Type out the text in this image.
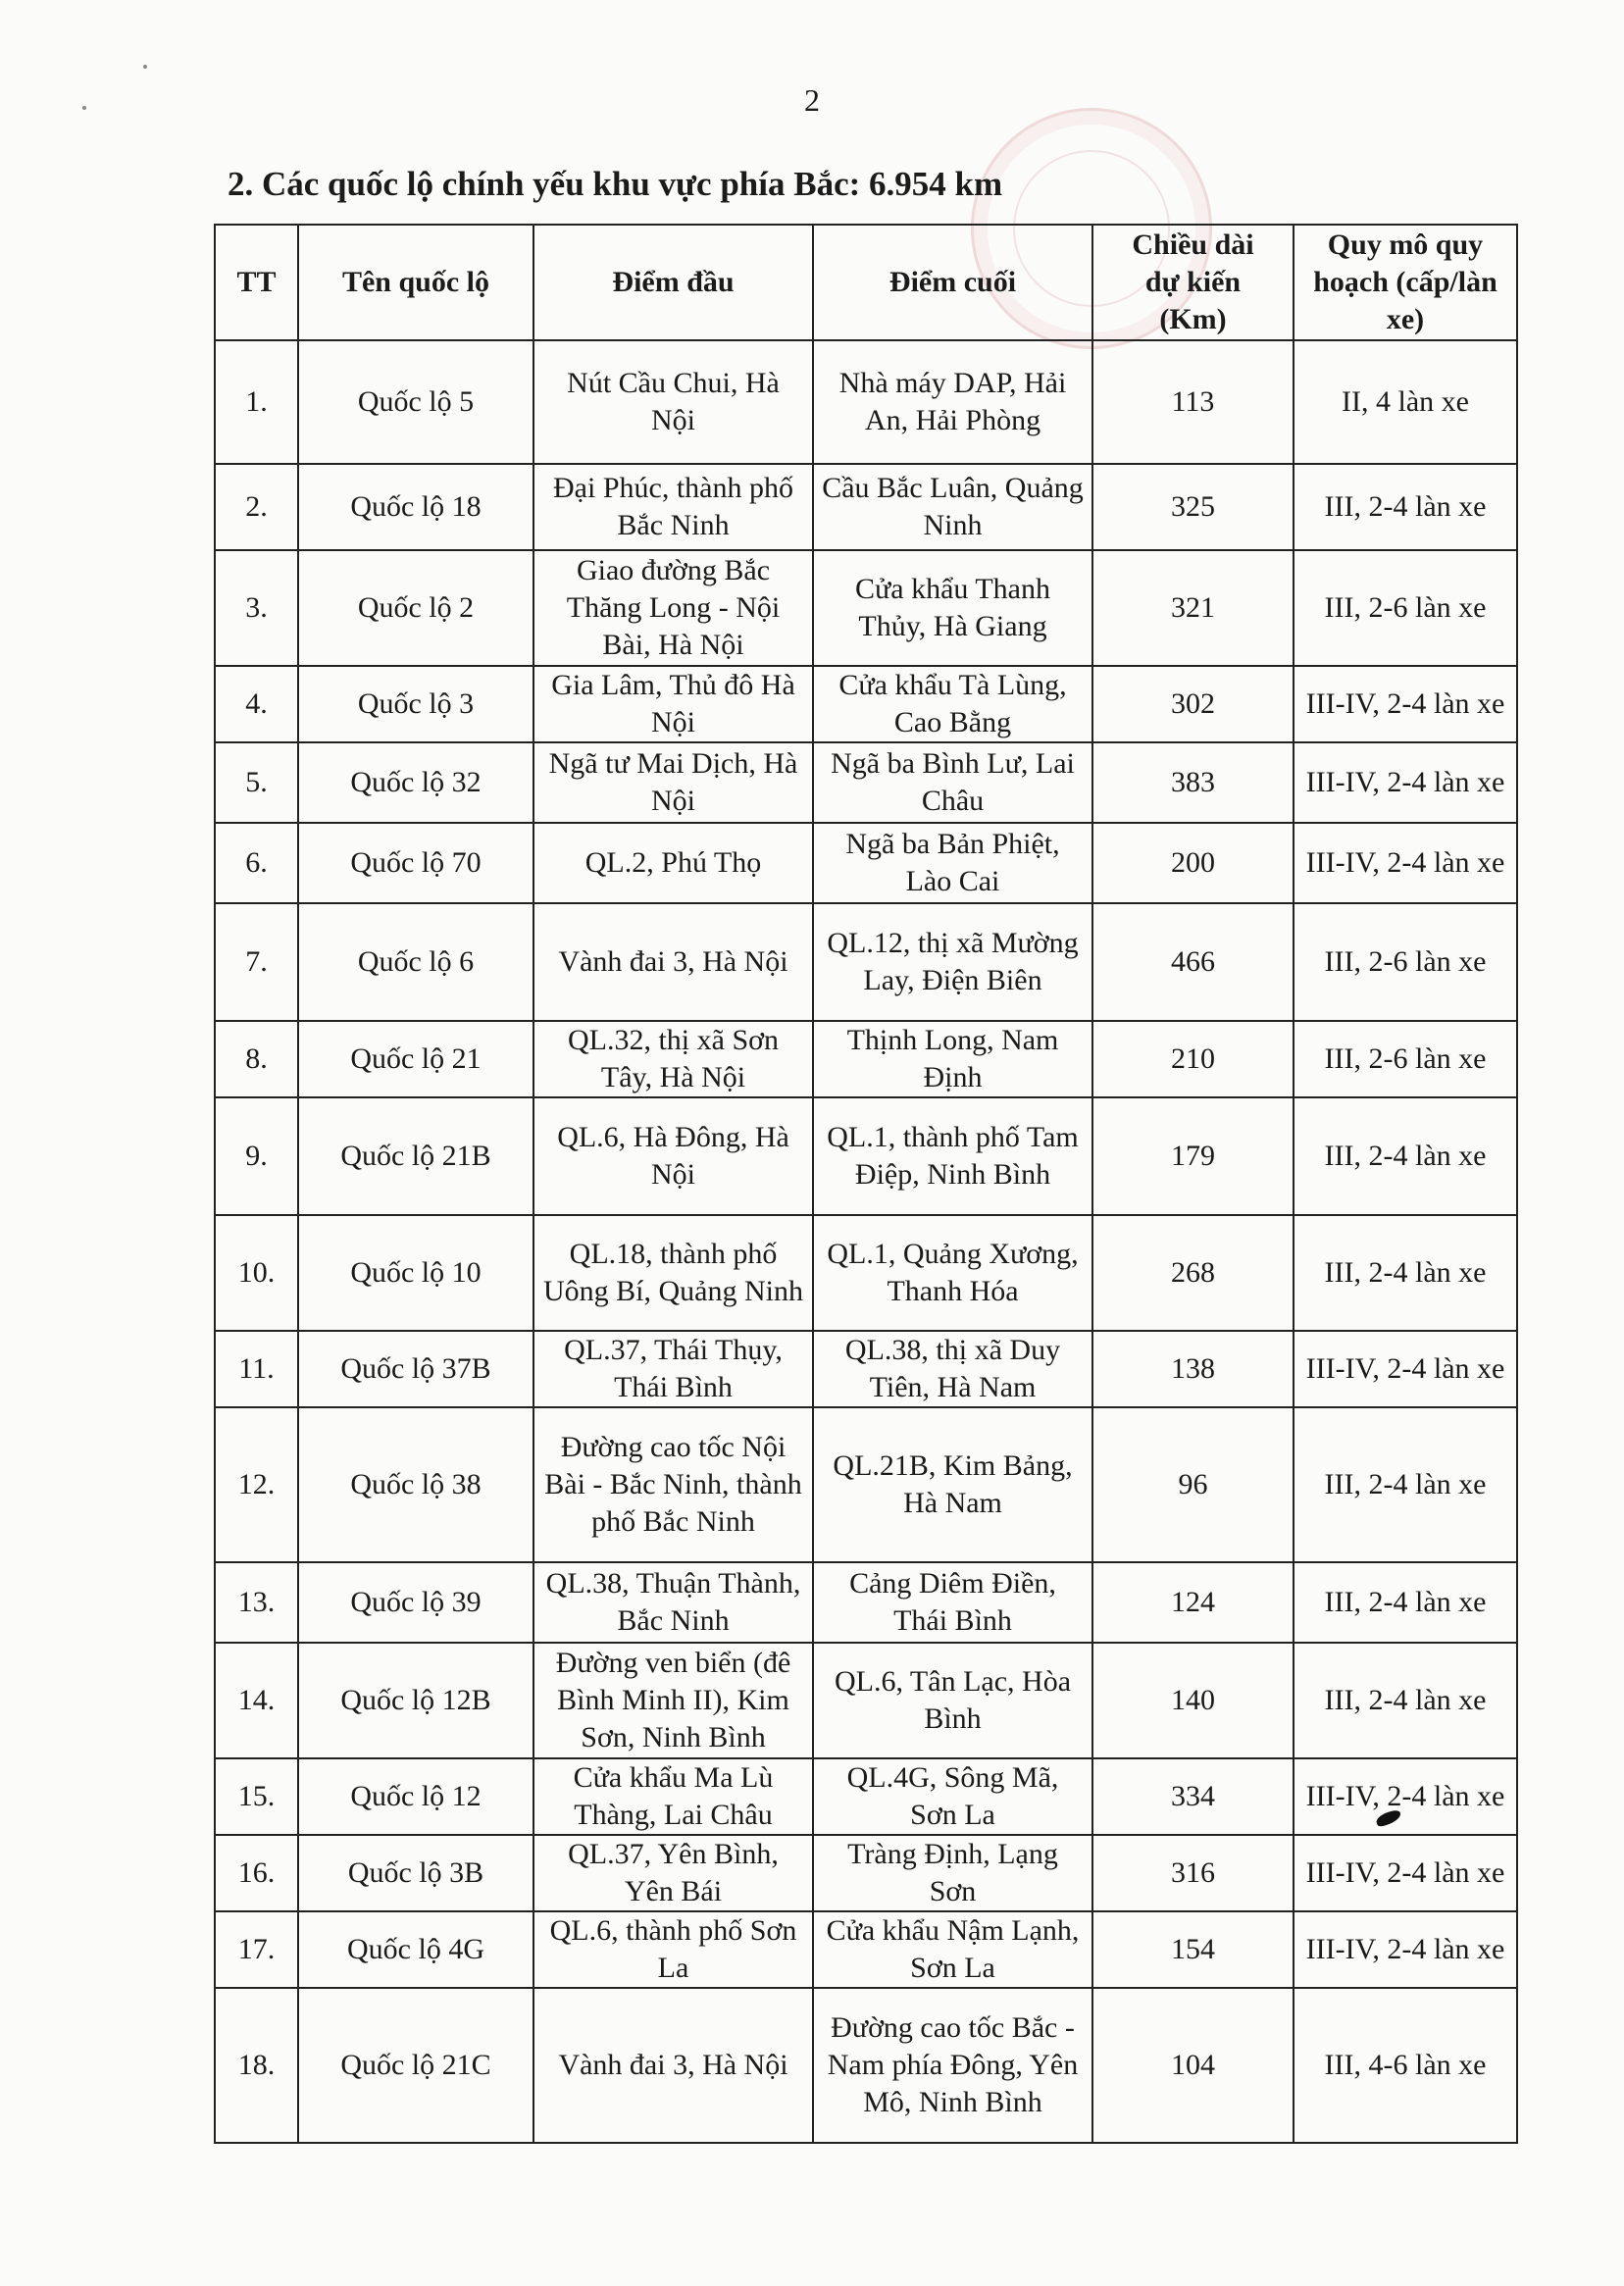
2
2. Các quốc lộ chính yếu khu vực phía Bắc: 6.954 km
TT	Tên quốc lộ	Điểm đầu	Điểm cuối	Chiều dài dự kiến (Km)	Quy mô quy hoạch (cấp/làn xe)
1.	Quốc lộ 5	Nút Cầu Chui, Hà Nội	Nhà máy DAP, Hải An, Hải Phòng	113	II, 4 làn xe
2.	Quốc lộ 18	Đại Phúc, thành phố Bắc Ninh	Cầu Bắc Luân, Quảng Ninh	325	III, 2-4 làn xe
3.	Quốc lộ 2	Giao đường Bắc Thăng Long - Nội Bài, Hà Nội	Cửa khẩu Thanh Thủy, Hà Giang	321	III, 2-6 làn xe
4.	Quốc lộ 3	Gia Lâm, Thủ đô Hà Nội	Cửa khẩu Tà Lùng, Cao Bằng	302	III-IV, 2-4 làn xe
5.	Quốc lộ 32	Ngã tư Mai Dịch, Hà Nội	Ngã ba Bình Lư, Lai Châu	383	III-IV, 2-4 làn xe
6.	Quốc lộ 70	QL.2, Phú Thọ	Ngã ba Bản Phiệt, Lào Cai	200	III-IV, 2-4 làn xe
7.	Quốc lộ 6	Vành đai 3, Hà Nội	QL.12, thị xã Mường Lay, Điện Biên	466	III, 2-6 làn xe
8.	Quốc lộ 21	QL.32, thị xã Sơn Tây, Hà Nội	Thịnh Long, Nam Định	210	III, 2-6 làn xe
9.	Quốc lộ 21B	QL.6, Hà Đông, Hà Nội	QL.1, thành phố Tam Điệp, Ninh Bình	179	III, 2-4 làn xe
10.	Quốc lộ 10	QL.18, thành phố Uông Bí, Quảng Ninh	QL.1, Quảng Xương, Thanh Hóa	268	III, 2-4 làn xe
11.	Quốc lộ 37B	QL.37, Thái Thụy, Thái Bình	QL.38, thị xã Duy Tiên, Hà Nam	138	III-IV, 2-4 làn xe
12.	Quốc lộ 38	Đường cao tốc Nội Bài - Bắc Ninh, thành phố Bắc Ninh	QL.21B, Kim Bảng, Hà Nam	96	III, 2-4 làn xe
13.	Quốc lộ 39	QL.38, Thuận Thành, Bắc Ninh	Cảng Diêm Điền, Thái Bình	124	III, 2-4 làn xe
14.	Quốc lộ 12B	Đường ven biển (đê Bình Minh II), Kim Sơn, Ninh Bình	QL.6, Tân Lạc, Hòa Bình	140	III, 2-4 làn xe
15.	Quốc lộ 12	Cửa khẩu Ma Lù Thàng, Lai Châu	QL.4G, Sông Mã, Sơn La	334	III-IV, 2-4 làn xe
16.	Quốc lộ 3B	QL.37, Yên Bình, Yên Bái	Tràng Định, Lạng Sơn	316	III-IV, 2-4 làn xe
17.	Quốc lộ 4G	QL.6, thành phố Sơn La	Cửa khẩu Nậm Lạnh, Sơn La	154	III-IV, 2-4 làn xe
18.	Quốc lộ 21C	Vành đai 3, Hà Nội	Đường cao tốc Bắc - Nam phía Đông, Yên Mô, Ninh Bình	104	III, 4-6 làn xe
